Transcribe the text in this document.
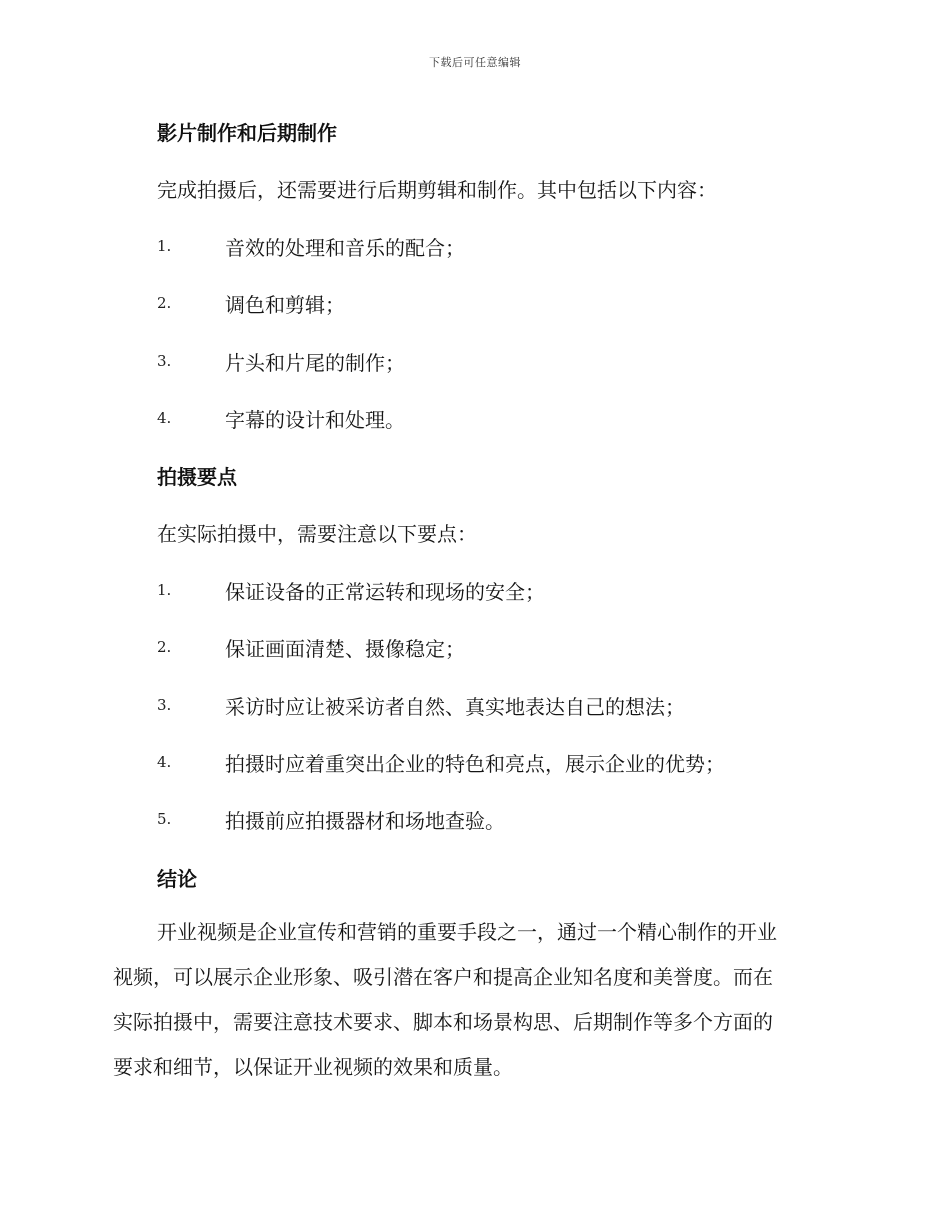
下载后可任意编辑
影片制作和后期制作
完成拍摄后，还需要进行后期剪辑和制作。其中包括以下内容：
1.	音效的处理和音乐的配合；
2.	调色和剪辑；
3.	片头和片尾的制作；
4.	字幕的设计和处理。
拍摄要点
在实际拍摄中，需要注意以下要点：
1.	保证设备的正常运转和现场的安全；
2.	保证画面清楚、摄像稳定；
3.	采访时应让被采访者自然、真实地表达自己的想法；
4.	拍摄时应着重突出企业的特色和亮点，展示企业的优势；
5.	拍摄前应拍摄器材和场地查验。
结论
开业视频是企业宣传和营销的重要手段之一，通过一个精心制作的开业
视频，可以展示企业形象、吸引潜在客户和提高企业知名度和美誉度。而在
实际拍摄中，需要注意技术要求、脚本和场景构思、后期制作等多个方面的
要求和细节，以保证开业视频的效果和质量。
